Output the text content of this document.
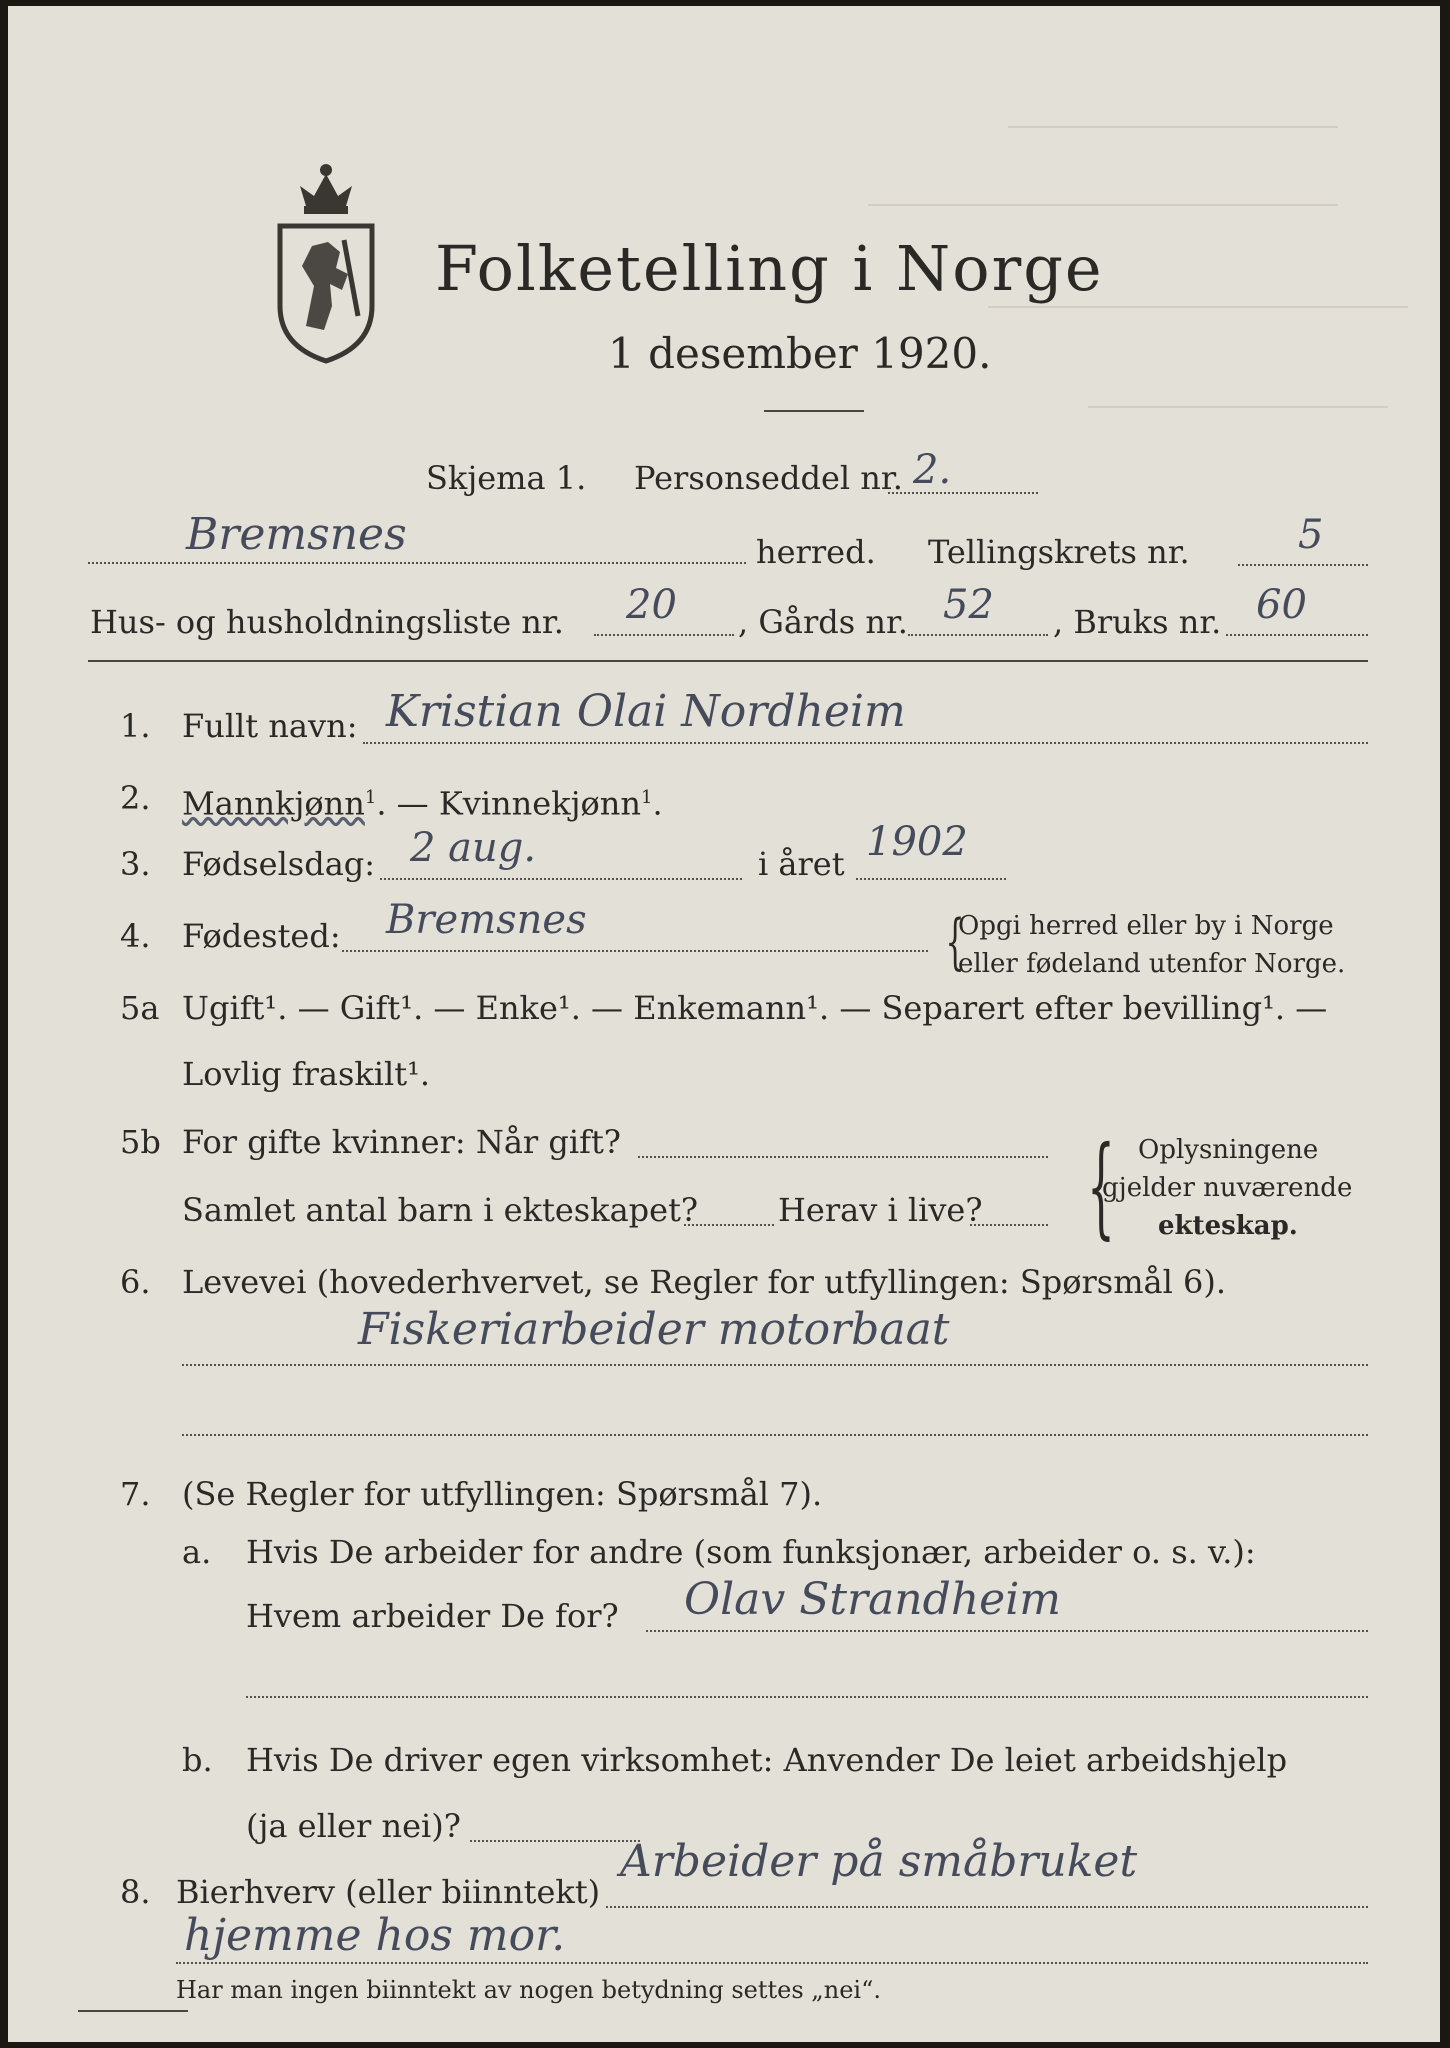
Folketelling i Norge
1 desember 1920.
Skjema 1. Personseddel nr. 2.
Bremsnes	herred. Tellingskrets nr.	5
Hus- og husholdningsliste nr. 20 , Gårds nr. 52 , Bruks nr. 60
1. Fullt navn: Kristian Olai Nordheim
2. Mannkjønn$^1$. — Kvinnekjønn$^1$.
3. Fødselsdag: 2 aug.	i året 1902
4. Fødested: Bremsnes	{
Opgi herred eller by i Norge
eller fødeland utenfor Norge.
5a Ugift¹. — Gift¹. — Enke¹. — Enkemann¹. — Separert efter bevilling¹. —
Lovlig fraskilt¹.
5b For gifte kvinner: Når gift?
Samlet antal barn i ekteskapet? Herav i live? { Oplysningene
gjelder nuværende
ekteskap.
6. Levevei (hovederhvervet, se Regler for utfyllingen: Spørsmål 6).
Fiskeriarbeider motorbaat
7. (Se Regler for utfyllingen: Spørsmål 7).
a. Hvis De arbeider for andre (som funksjonær, arbeider o. s. v.):
Hvem arbeider De for? Olav Strandheim
b. Hvis De driver egen virksomhet: Anvender De leiet arbeidshjelp
(ja eller nei)?
8. Bierhverv (eller biinntekt)
Arbeider på småbruket
hjemme hos mor.
Har man ingen biinntekt av nogen betydning settes „nei“.
